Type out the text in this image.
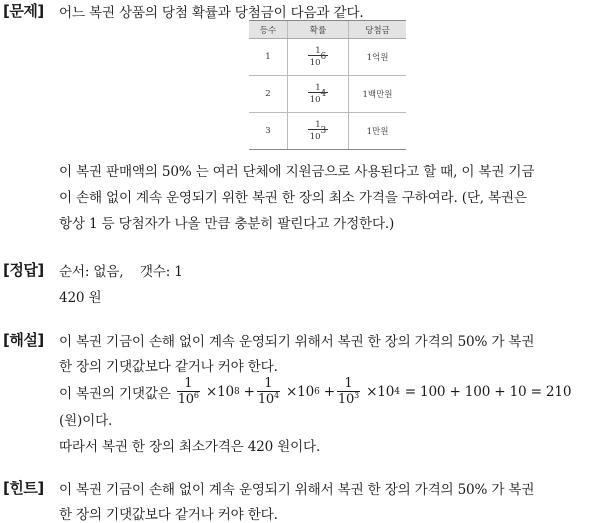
[문제] 어느 복권 상품의 당첨 확률과 당첨금이 다음과 같다.
등수	확률	당첨금
1	$\frac{1}{10^6}$	1억원
2	$\frac{1}{10^4}$	1백만원
3	$\frac{1}{10^3}$	1만원
이 복권 판매액의 50% 는 여러 단체에 지원금으로 사용된다고 할 때, 이 복권 기금
이 손해 없이 계속 운영되기 위한 복권 한 장의 최소 가격을 구하여라. (단, 복권은
항상 1 등 당첨자가 나올 만큼 충분히 팔린다고 가정한다.)
[정답] 순서: 없음,    갯수: 1
420 원
[해설] 이 복권 기금이 손해 없이 계속 운영되기 위해서 복권 한 장의 가격의 50% 가 복권
한 장의 기댓값보다 같거나 커야 한다.
이 복권의 기댓값은 $\frac{1}{10^6} \times 10$ $8 + \frac{1}{10^4} \times 10$ $6 + \frac{1}{10^3} \times 10$ 4 = 100 + 100 + 10 = 210
(원)이다.
따라서 복권 한 장의 최소가격은 420 원이다.
[힌트] 이 복권 기금이 손해 없이 계속 운영되기 위해서 복권 한 장의 가격의 50% 가 복권
한 장의 기댓값보다 같거나 커야 한다.
